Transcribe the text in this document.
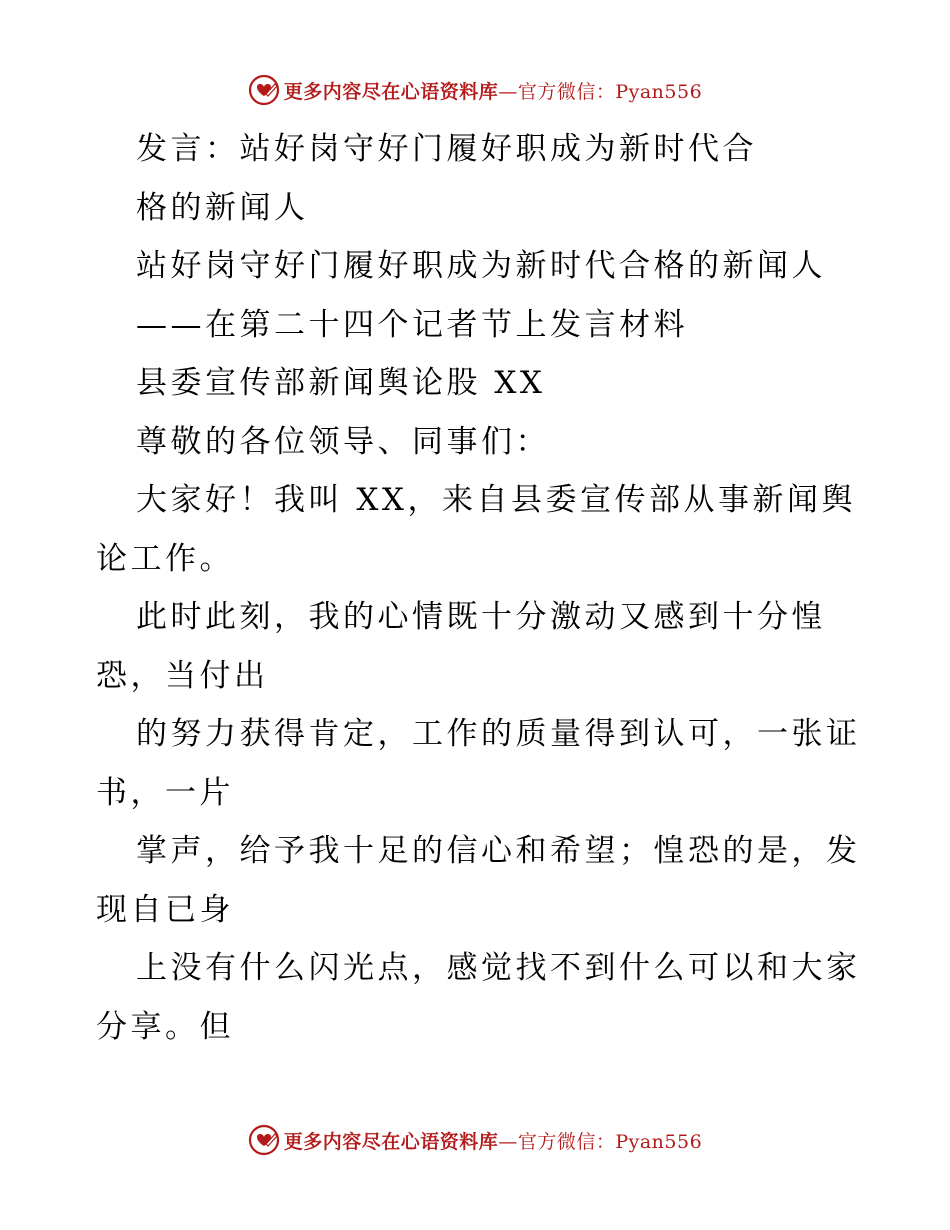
更多内容尽在心语资料库—官方微信：Pyan556
发言：站好岗守好门履好职成为新时代合
格的新闻人
站好岗守好门履好职成为新时代合格的新闻人
——在第二十四个记者节上发言材料
县委宣传部新闻舆论股 XX
尊敬的各位领导、同事们：
大家好！我叫 XX，来自县委宣传部从事新闻舆
论工作。
此时此刻，我的心情既十分激动又感到十分惶
恐，当付出
的努力获得肯定，工作的质量得到认可，一张证
书，一片
掌声，给予我十足的信心和希望；惶恐的是，发
现自已身
上没有什么闪光点，感觉找不到什么可以和大家
分享。但
更多内容尽在心语资料库—官方微信：Pyan556
